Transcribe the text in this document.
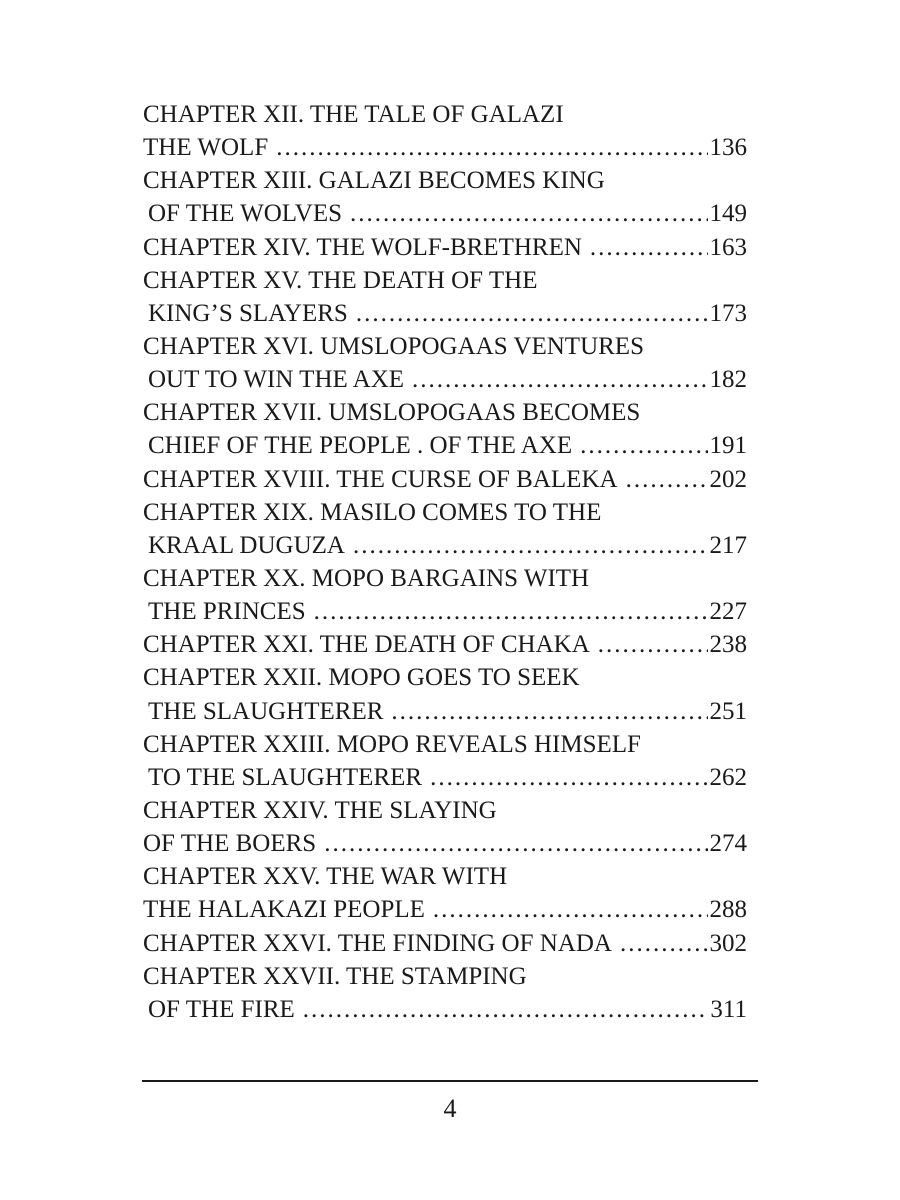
CHAPTER XII. THE TALE OF GALAZI
THE WOLF .....	136
CHAPTER XIII. GALAZI BECOMES KING
OF THE WOLVES .....	149
CHAPTER XIV. THE WOLF-BRETHREN .....	163
CHAPTER XV. THE DEATH OF THE
KING’S SLAYERS .....	173
CHAPTER XVI. UMSLOPOGAAS VENTURES
OUT TO WIN THE AXE .....	182
CHAPTER XVII. UMSLOPOGAAS BECOMES
CHIEF OF THE PEOPLE . OF THE AXE .....	191
CHAPTER XVIII. THE CURSE OF BALEKA .....	202
CHAPTER XIX. MASILO COMES TO THE
KRAAL DUGUZA .....	217
CHAPTER XX. MOPO BARGAINS WITH
THE PRINCES .....	227
CHAPTER XXI. THE DEATH OF CHAKA .....	238
CHAPTER XXII. MOPO GOES TO SEEK
THE SLAUGHTERER .....	251
CHAPTER XXIII. MOPO REVEALS HIMSELF
TO THE SLAUGHTERER .....	262
CHAPTER XXIV. THE SLAYING
OF THE BOERS .....	274
CHAPTER XXV. THE WAR WITH
THE HALAKAZI PEOPLE .....	288
CHAPTER XXVI. THE FINDING OF NADA .....	302
CHAPTER XXVII. THE STAMPING
OF THE FIRE .....	311
4
